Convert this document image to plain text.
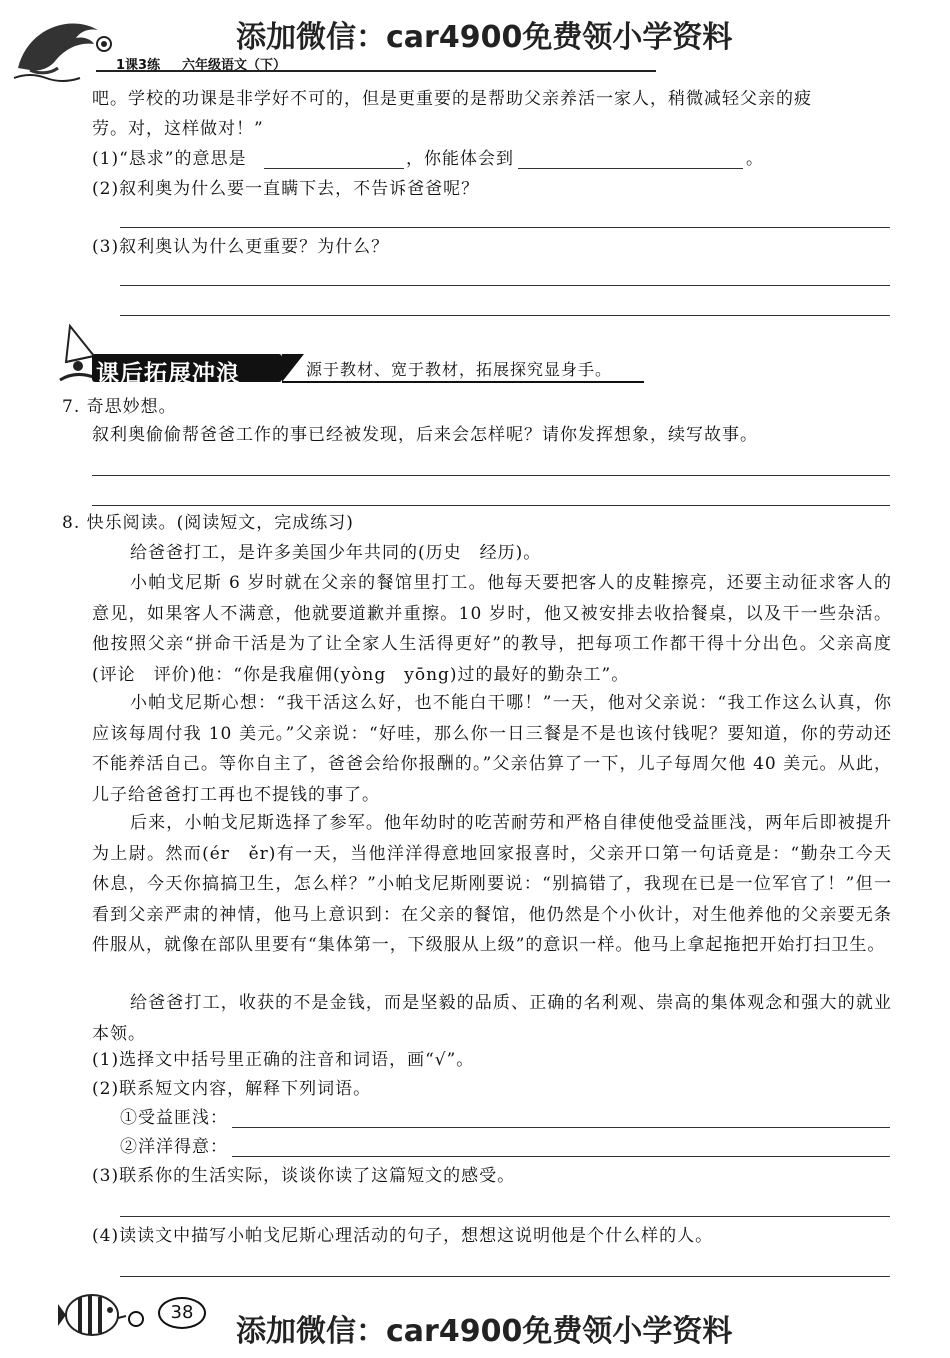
1课3练 六年级语文（下）
添加微信：car4900免费领小学资料
吧。学校的功课是非学好不可的，但是更重要的是帮助父亲养活一家人，稍微减轻父亲的疲
劳。对，这样做对！”
(1)“恳求”的意思是	，你能体会到	。
(2)叙利奥为什么要一直瞒下去，不告诉爸爸呢？
(3)叙利奥认为什么更重要？为什么？
课后拓展冲浪	源于教材、宽于教材，拓展探究显身手。
7. 奇思妙想。
叙利奥偷偷帮爸爸工作的事已经被发现，后来会怎样呢？请你发挥想象，续写故事。
8. 快乐阅读。(阅读短文，完成练习)
给爸爸打工，是许多美国少年共同的(历史　经历)。
小帕戈尼斯 6 岁时就在父亲的餐馆里打工。他每天要把客人的皮鞋擦亮，还要主动征求客人的意见，如果客人不满意，他就要道歉并重擦。10 岁时，他又被安排去收拾餐桌，以及干一些杂活。他按照父亲“拼命干活是为了让全家人生活得更好”的教导，把每项工作都干得十分出色。父亲高度(评论　评价)他：“你是我雇佣(yòng　yōng)过的最好的勤杂工”。
小帕戈尼斯心想：“我干活这么好，也不能白干哪！”一天，他对父亲说：“我工作这么认真，你应该每周付我 10 美元。”父亲说：“好哇，那么你一日三餐是不是也该付钱呢？要知道，你的劳动还不能养活自己。等你自主了，爸爸会给你报酬的。”父亲估算了一下，儿子每周欠他 40 美元。从此，儿子给爸爸打工再也不提钱的事了。
后来，小帕戈尼斯选择了参军。他年幼时的吃苦耐劳和严格自律使他受益匪浅，两年后即被提升为上尉。然而(ér　ěr)有一天，当他洋洋得意地回家报喜时，父亲开口第一句话竟是：“勤杂工今天休息，今天你搞搞卫生，怎么样？”小帕戈尼斯刚要说：“别搞错了，我现在已是一位军官了！”但一看到父亲严肃的神情，他马上意识到：在父亲的餐馆，他仍然是个小伙计，对生他养他的父亲要无条件服从，就像在部队里要有“集体第一，下级服从上级”的意识一样。他马上拿起拖把开始打扫卫生。
给爸爸打工，收获的不是金钱，而是坚毅的品质、正确的名利观、崇高的集体观念和强大的就业本领。
(1)选择文中括号里正确的注音和词语，画“√”。
(2)联系短文内容，解释下列词语。
①受益匪浅：
②洋洋得意：
(3)联系你的生活实际，谈谈你读了这篇短文的感受。
(4)读读文中描写小帕戈尼斯心理活动的句子，想想这说明他是个什么样的人。
38
添加微信：car4900免费领小学资料
